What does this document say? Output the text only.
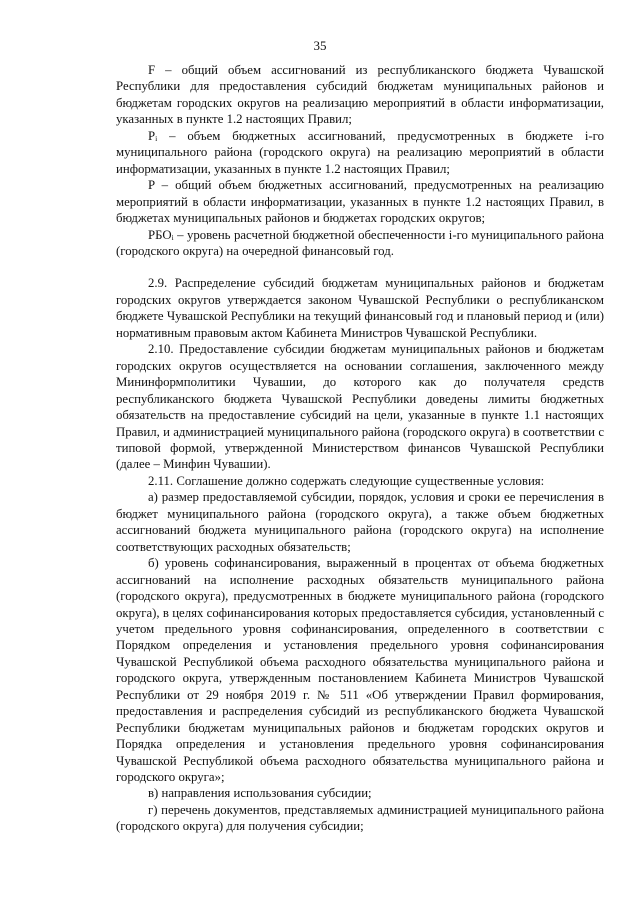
35

F – общий объем ассигнований из республиканского бюджета Чувашской Республики для предоставления субсидий бюджетам муниципальных районов и бюджетам городских округов на реализацию мероприятий в области информатизации, указанных в пункте 1.2 настоящих Правил;

Pᵢ – объем бюджетных ассигнований, предусмотренных в бюджете i-го муниципального района (городского округа) на реализацию мероприятий в области информатизации, указанных в пункте 1.2 настоящих Правил;

P – общий объем бюджетных ассигнований, предусмотренных на реализацию мероприятий в области информатизации, указанных в пункте 1.2 настоящих Правил, в бюджетах муниципальных районов и бюджетах городских округов;

РБОᵢ – уровень расчетной бюджетной обеспеченности i-го муниципального района (городского округа) на очередной финансовый год.

2.9. Распределение субсидий бюджетам муниципальных районов и бюджетам городских округов утверждается законом Чувашской Республики о республиканском бюджете Чувашской Республики на текущий финансовый год и плановый период и (или) нормативным правовым актом Кабинета Министров Чувашской Республики.

2.10. Предоставление субсидии бюджетам муниципальных районов и бюджетам городских округов осуществляется на основании соглашения, заключенного между Мининформполитики Чувашии, до которого как до получателя средств республиканского бюджета Чувашской Республики доведены лимиты бюджетных обязательств на предоставление субсидий на цели, указанные в пункте 1.1 настоящих Правил, и администрацией муниципального района (городского округа) в соответствии с типовой формой, утвержденной Министерством финансов Чувашской Республики (далее – Минфин Чувашии).

2.11. Соглашение должно содержать следующие существенные условия:

а) размер предоставляемой субсидии, порядок, условия и сроки ее перечисления в бюджет муниципального района (городского округа), а также объем бюджетных ассигнований бюджета муниципального района (городского округа) на исполнение соответствующих расходных обязательств;

б) уровень софинансирования, выраженный в процентах от объема бюджетных ассигнований на исполнение расходных обязательств муниципального района (городского округа), предусмотренных в бюджете муниципального района (городского округа), в целях софинансирования которых предоставляется субсидия, установленный с учетом предельного уровня софинансирования, определенного в соответствии с Порядком определения и установления предельного уровня софинансирования Чувашской Республикой объема расходного обязательства муниципального района и городского округа, утвержденным постановлением Кабинета Министров Чувашской Республики от 29 ноября 2019 г. № 511 «Об утверждении Правил формирования, предоставления и распределения субсидий из республиканского бюджета Чувашской Республики бюджетам муниципальных районов и бюджетам городских округов и Порядка определения и установления предельного уровня софинансирования Чувашской Республикой объема расходного обязательства муниципального района и городского округа»;

в) направления использования субсидии;

г) перечень документов, представляемых администрацией муниципального района (городского округа) для получения субсидии;
